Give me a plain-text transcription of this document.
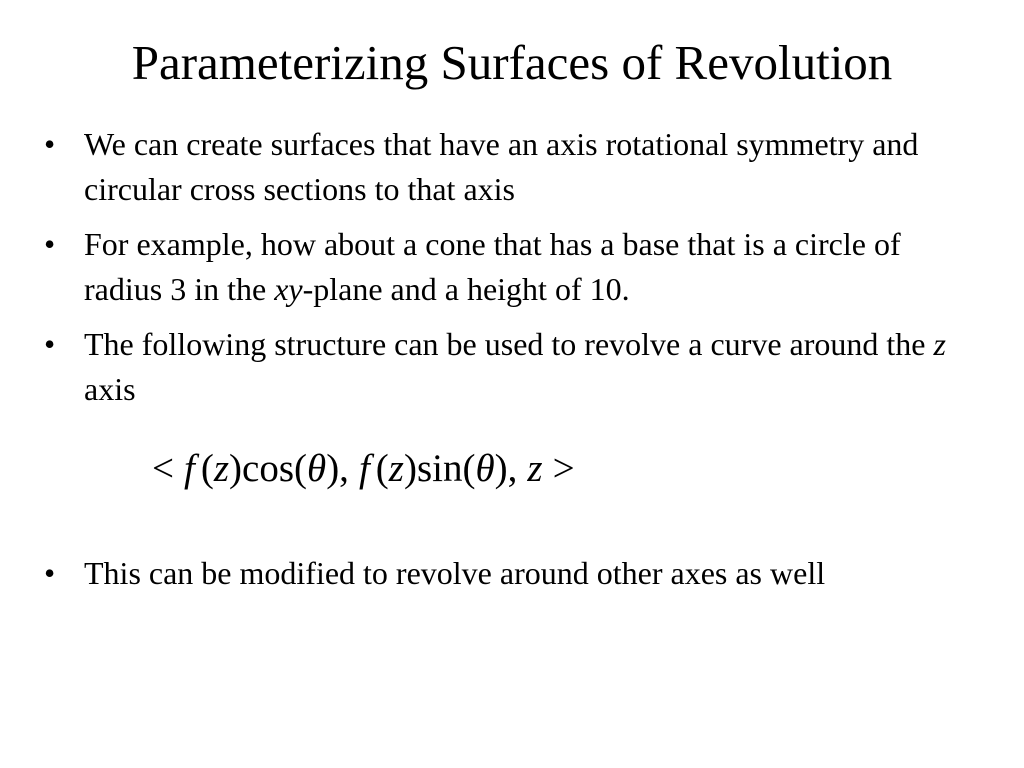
Parameterizing Surfaces of Revolution
• We can create surfaces that have an axis rotational symmetry and circular cross sections to that axis
• For example, how about a cone that has a base that is a circle of radius 3 in the xy-plane and a height of 10.
• The following structure can be used to revolve a curve around the z axis
< f (z)cos(θ), f (z)sin(θ), z >
• This can be modified to revolve around other axes as well
